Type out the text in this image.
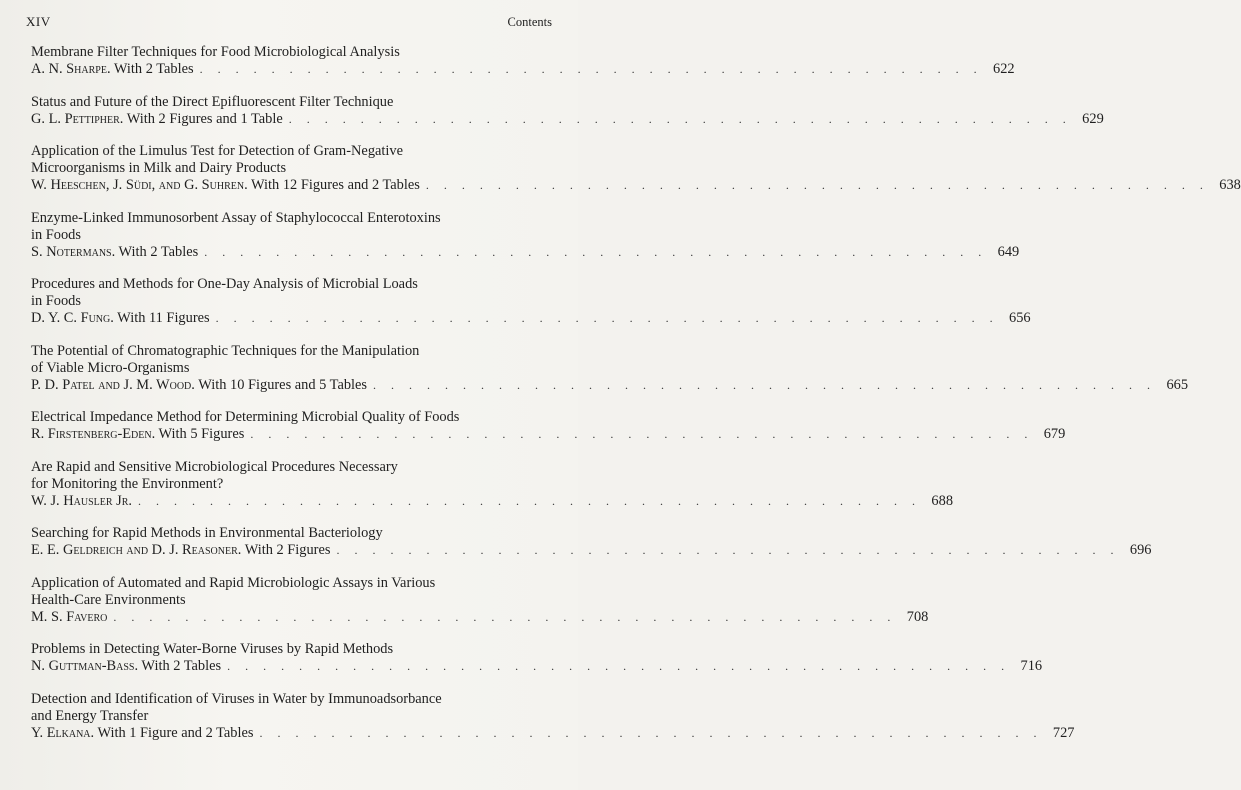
XIV	Contents
Membrane Filter Techniques for Food Microbiological Analysis
A. N. Sharpe. With 2 Tables . . . . . . . . . . . . . . . . . . . . . . . . . . . . . . . . . . . . . . . . . . . . 622
Status and Future of the Direct Epifluorescent Filter Technique
G. L. Pettipher. With 2 Figures and 1 Table . . . . . . . . . . . . . . . . . . . . . . . . . . . . . . . . . . . . . . . . . . . . 629
Application of the Limulus Test for Detection of Gram-Negative
Microorganisms in Milk and Dairy Products
W. Heeschen, J. Südi, and G. Suhren. With 12 Figures and 2 Tables . . . . . . . . . . . . . . . . . . . . . . . . . . . . . . . . . . . . . . . . . . . . 638
Enzyme-Linked Immunosorbent Assay of Staphylococcal Enterotoxins
in Foods
S. Notermans. With 2 Tables . . . . . . . . . . . . . . . . . . . . . . . . . . . . . . . . . . . . . . . . . . . . 649
Procedures and Methods for One-Day Analysis of Microbial Loads
in Foods
D. Y. C. Fung. With 11 Figures . . . . . . . . . . . . . . . . . . . . . . . . . . . . . . . . . . . . . . . . . . . . 656
The Potential of Chromatographic Techniques for the Manipulation
of Viable Micro-Organisms
P. D. Patel and J. M. Wood. With 10 Figures and 5 Tables . . . . . . . . . . . . . . . . . . . . . . . . . . . . . . . . . . . . . . . . . . . . 665
Electrical Impedance Method for Determining Microbial Quality of Foods
R. Firstenberg-Eden. With 5 Figures . . . . . . . . . . . . . . . . . . . . . . . . . . . . . . . . . . . . . . . . . . . . 679
Are Rapid and Sensitive Microbiological Procedures Necessary
for Monitoring the Environment?
W. J. Hausler Jr. . . . . . . . . . . . . . . . . . . . . . . . . . . . . . . . . . . . . . . . . . . . . 688
Searching for Rapid Methods in Environmental Bacteriology
E. E. Geldreich and D. J. Reasoner. With 2 Figures . . . . . . . . . . . . . . . . . . . . . . . . . . . . . . . . . . . . . . . . . . . . 696
Application of Automated and Rapid Microbiologic Assays in Various
Health-Care Environments
M. S. Favero . . . . . . . . . . . . . . . . . . . . . . . . . . . . . . . . . . . . . . . . . . . . 708
Problems in Detecting Water-Borne Viruses by Rapid Methods
N. Guttman-Bass. With 2 Tables . . . . . . . . . . . . . . . . . . . . . . . . . . . . . . . . . . . . . . . . . . . . 716
Detection and Identification of Viruses in Water by Immunoadsorbance
and Energy Transfer
Y. Elkana. With 1 Figure and 2 Tables . . . . . . . . . . . . . . . . . . . . . . . . . . . . . . . . . . . . . . . . . . . . 727
